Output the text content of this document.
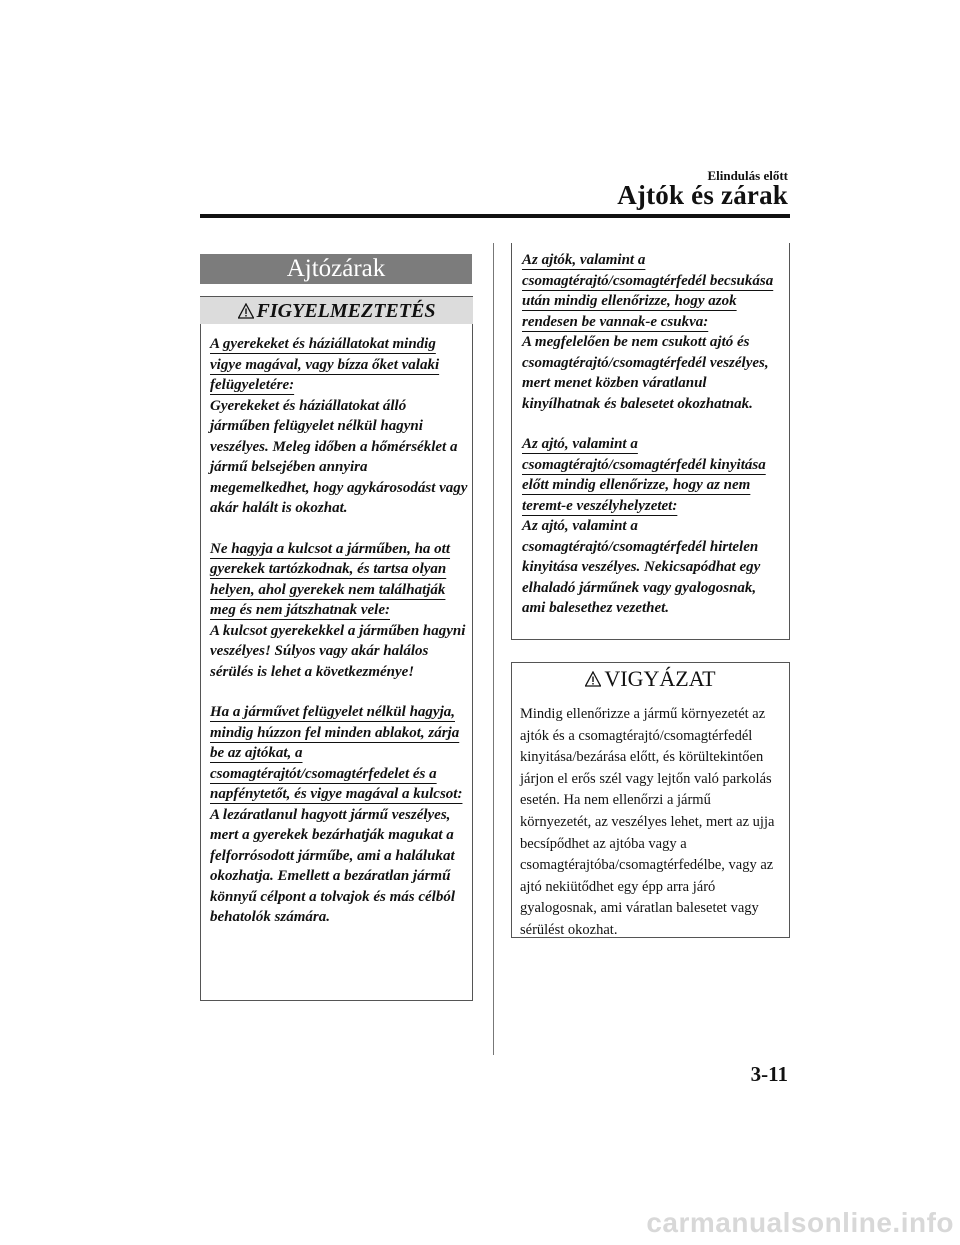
Elindulás előtt
Ajtók és zárak
Ajtózárak
FIGYELMEZTETÉS

A gyerekeket és háziállatokat mindig vigye magával, vagy bízza őket valaki felügyeletére:
Gyerekeket és háziállatokat álló járműben felügyelet nélkül hagyni veszélyes. Meleg időben a hőmérséklet a jármű belsejében annyira megemelkedhet, hogy agykárosodást vagy akár halált is okozhat.

Ne hagyja a kulcsot a járműben, ha ott gyerekek tartózkodnak, és tartsa olyan helyen, ahol gyerekek nem találhatják meg és nem játszhatnak vele:
A kulcsot gyerekekkel a járműben hagyni veszélyes! Súlyos vagy akár halálos sérülés is lehet a következménye!

Ha a járművet felügyelet nélkül hagyja, mindig húzzon fel minden ablakot, zárja be az ajtókat, a csomagtérajtót/csomagtérfedelet és a napfénytetőt, és vigye magával a kulcsot:
A lezáratlanul hagyott jármű veszélyes, mert a gyerekek bezárhatják magukat a felforrósodott járműbe, ami a halálukat okozhatja. Emellett a bezáratlan jármű könnyű célpont a tolvajok és más célból behatolók számára.

Az ajtók, valamint a csomagtérajtó/csomagtérfedél becsukása után mindig ellenőrizze, hogy azok rendesen be vannak-e csukva:
A megfelelően be nem csukott ajtó és csomagtérajtó/csomagtérfedél veszélyes, mert menet közben váratlanul kinyílhatnak és balesetet okozhatnak.

Az ajtó, valamint a csomagtérajtó/csomagtérfedél kinyitása előtt mindig ellenőrizze, hogy az nem teremt-e veszélyhelyzetet:
Az ajtó, valamint a csomagtérajtó/csomagtérfedél hirtelen kinyitása veszélyes. Nekicsapódhat egy elhaladó járműnek vagy gyalogosnak, ami balesethez vezethet.

VIGYÁZAT
Mindig ellenőrizze a jármű környezetét az ajtók és a csomagtérajtó/csomagtérfedél kinyitása/bezárása előtt, és körültekintően járjon el erős szél vagy lejtőn való parkolás esetén. Ha nem ellenőrzi a jármű környezetét, az veszélyes lehet, mert az ujja becsípődhet az ajtóba vagy a csomagtérajtóba/csomagtérfedélbe, vagy az ajtó nekiütődhet egy épp arra járó gyalogosnak, ami váratlan balesetet vagy sérülést okozhat.
3-11
carmanualsonline.info
